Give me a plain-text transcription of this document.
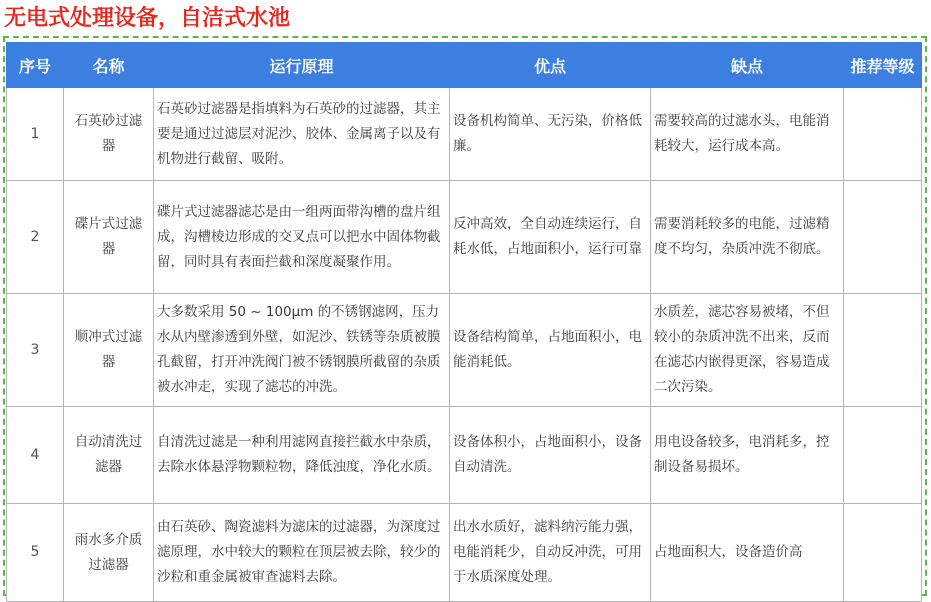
无电式处理设备，自洁式水池
序号	名称	运行原理	优点	缺点	推荐等级
1	石英砂过滤器	石英砂过滤器是指填料为石英砂的过滤器，其主要是通过过滤层对泥沙、胶体、金属离子以及有机物进行截留、吸附。	设备机构简单、无污染，价格低廉。	需要较高的过滤水头，电能消耗较大，运行成本高。	
2	碟片式过滤器	碟片式过滤器滤芯是由一组两面带沟槽的盘片组成，沟槽棱边形成的交叉点可以把水中固体物截留，同时具有表面拦截和深度凝聚作用。	反冲高效，全自动连续运行，自耗水低，占地面积小，运行可靠	需要消耗较多的电能，过滤精度不均匀，杂质冲洗不彻底。	
3	顺冲式过滤器	大多数采用 50 ~ 100μm 的不锈钢滤网，压力水从内壁渗透到外壁，如泥沙、铁锈等杂质被膜孔截留，打开冲洗阀门被不锈钢膜所截留的杂质被水冲走，实现了滤芯的冲洗。	设备结构简单，占地面积小，电能消耗低。	水质差，滤芯容易被堵，不但较小的杂质冲洗不出来，反而在滤芯内嵌得更深，容易造成二次污染。	
4	自动清洗过滤器	自清洗过滤是一种利用滤网直接拦截水中杂质，去除水体悬浮物颗粒物，降低浊度，净化水质。	设备体积小，占地面积小，设备自动清洗。	用电设备较多，电消耗多，控制设备易损坏。	
5	雨水多介质过滤器	由石英砂、陶瓷滤料为滤床的过滤器，为深度过滤原理，水中较大的颗粒在顶层被去除，较少的沙粒和重金属被审查滤料去除。	出水水质好，滤料纳污能力强，电能消耗少，自动反冲洗，可用于水质深度处理。	占地面积大，设备造价高	
